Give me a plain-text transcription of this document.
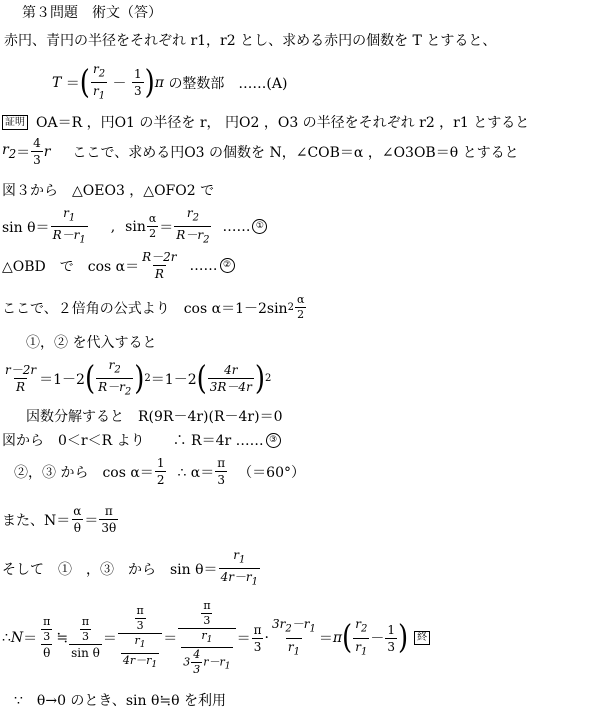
第３問題　術文（答）
赤円、青円の半径をそれぞれ r1，r2 とし、求める赤円の個数を T とすると、
T ＝ ( $\frac{r_2}{r_1} - \frac{1}{3}$ ) π
の整数部　……(A)
証明 OA＝R ，円O1 の半径を r， 円O2 ，O3 の半径をそれぞれ r2 ，r1 とすると
$r_2 = \frac{4}{3}$ r ここで、求める円O3 の個数を N，∠COB＝α ，∠O3OB＝θ とすると
図３から　△OEO3 ，△OFO2 で
$\sin \theta= \frac{r_1}{R-r_1}$ ,
$\sin \frac{\alpha}{2} = \frac{r_2}{R-r_2}$ …… ①
△OBD　で　$\cos \alpha= \frac{R-2r}{R}$ …… ②
ここで、２倍角の公式より　cos α＝1－2sin $2 \frac{\alpha}{2}$
①，② を代入すると
$\frac{r-2r}{R} =1-2$ ( $\frac{r_2}{R-r_2}$ ) 2 ＝1－2 ( $\frac{4r}{3R-4r}$ ) 2
因数分解すると　R(9R－4r)(R－4r)＝0
図から　0＜r＜R より　　∴ R＝4r …… ③
②，③ から　$\cos \alpha= \frac{1}{2}$ ∴ $\alpha= \frac{\pi}{3} (=60^\circ)$
また、$N= \frac{\alpha}{\theta} = \frac{\pi}{3\theta}$
そして　①　，③　から　$\sin \theta= \frac{r_1}{4r-r_1}$
∴ $N = \frac{\frac{\pi}{3}}{\theta}$ ≒ $\frac{\frac{\pi}{3}}{\text{sin θ}} = \frac{\frac{\pi}{3}}{\frac{r_1}{4r-r_1}} = \frac{\frac{\pi}{3}}{\frac{r_1}{3 \frac{4}{3} r-r_1}} = \frac{\pi}{3} \cdot \frac{3r_2-r_1}{r_1} = \pi$ ( $\frac{r_2}{r_1} - \frac{1}{3}$ ) 終
∵　θ→0 のとき、sin θ≒θ を利用
